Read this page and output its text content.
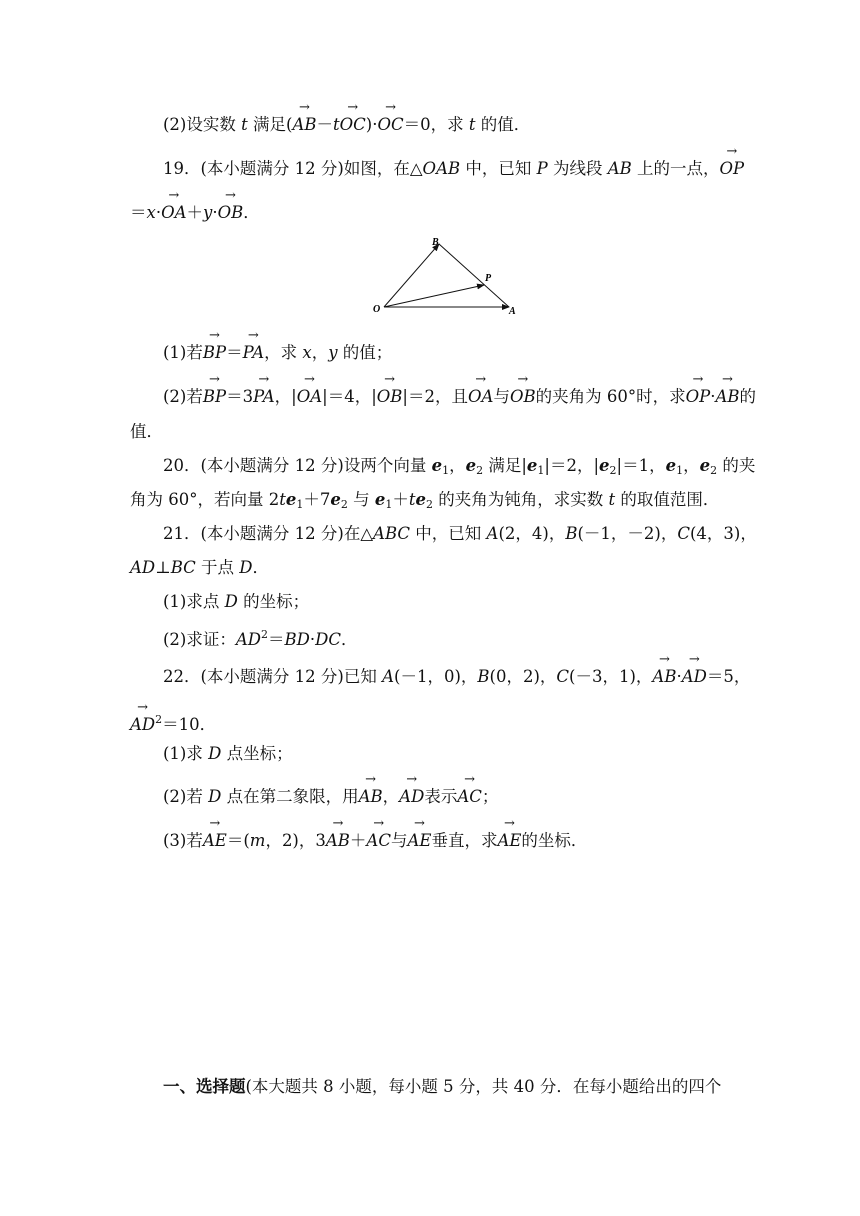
(2)设实数 t 满足(→ AB－t→ OC)·→ OC＝0，求 t 的值．
19．(本小题满分 12 分)如图，在△OAB 中，已知 P 为线段 AB 上的一点，→ OP
＝x·→ OA＋y·→ OB．
B
P
O	A
(1)若→ BP＝→ PA，求 x，y 的值；
(2)若→ BP＝3→ PA，|→ OA|＝4，|→ OB|＝2，且→ OA与→ OB的夹角为 60°时，求→ OP·→ AB的
值．
20．(本小题满分 12 分)设两个向量 $e_1$，$e_2$ 满足$|e_1|=2$，$|e_2|=1$，$e_1$，$e_2$ 的夹
角为 60°，若向量 $2te_1+7e_2$ 与 $e_1+te_2$ 的夹角为钝角，求实数 t 的取值范围．
21．(本小题满分 12 分)在△ABC 中，已知 A(2，4)，B(－1，－2)，C(4，3)，
AD⊥BC 于点 D．
(1)求点 D 的坐标；
(2)求证：$AD^2=BD\cdot DC$．
22．(本小题满分 12 分)已知 A(－1，0)，B(0，2)，C(－3，1)，→ AB·→ AD＝5，
→ $AD^2=10$．
(1)求 D 点坐标；
(2)若 D 点在第二象限，用→ AB，→ AD表示→ AC；
(3)若→ AE＝(m，2)，3→ AB＋→ AC与→ AE垂直，求→ AE的坐标．
一、选择题(本大题共 8 小题，每小题 5 分，共 40 分．在每小题给出的四个
